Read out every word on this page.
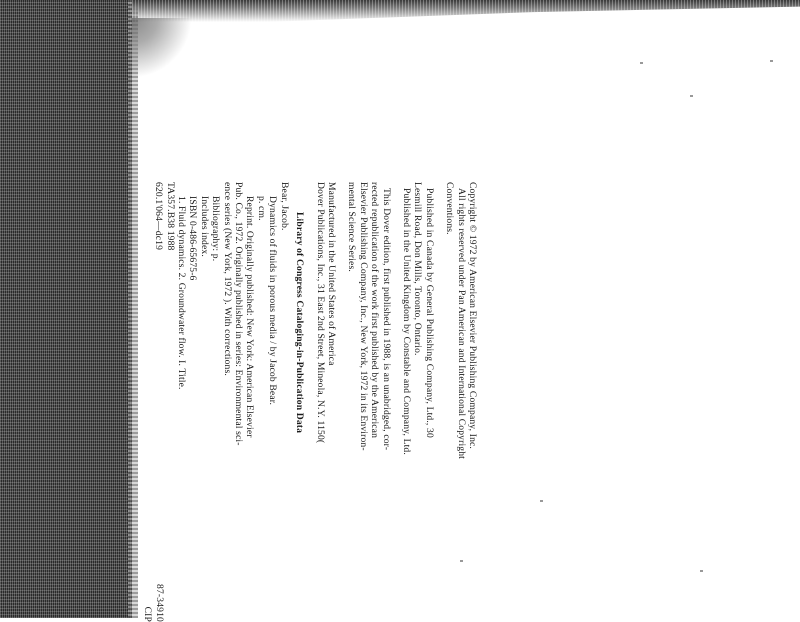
Copyright © 1972 by American Elsevier Publishing Company, Inc.

All rights reserved under Pan American and International Copyright

Conventions.

Published in Canada by General Publishing Company, Ltd., 30

Lesmill Road, Don Mills, Toronto, Ontario.

Published in the United Kingdom by Constable and Company, Ltd.

This Dover edition, first published in 1988, is an unabridged, cor-

rected republication of the work first published by the American

Elsevier Publishing Company, Inc., New York, 1972 in its Environ-

mental Science Series.

Manufactured in the United States of America

Dover Publications, Inc., 31 East 2nd Street, Mineola, N.Y. 1150(

Library of Congress Cataloging-in-Publication Data

Bear, Jacob.

Dynamics of fluids in porous media / by Jacob Bear.

p. cm.

Reprint. Originally published: New York: American Elsevier

Pub. Co., 1972. Originally published in series: Environmental sci-

ence series (New York, 1972 ). With corrections.

Bibliography: p.

Includes index.

ISBN 0-486-65675-6

1. Fluid dynamics. 2. Groundwater flow. I. Title.

TA357.B38 1988

620.1'064—dc19

87-34910

CIP
